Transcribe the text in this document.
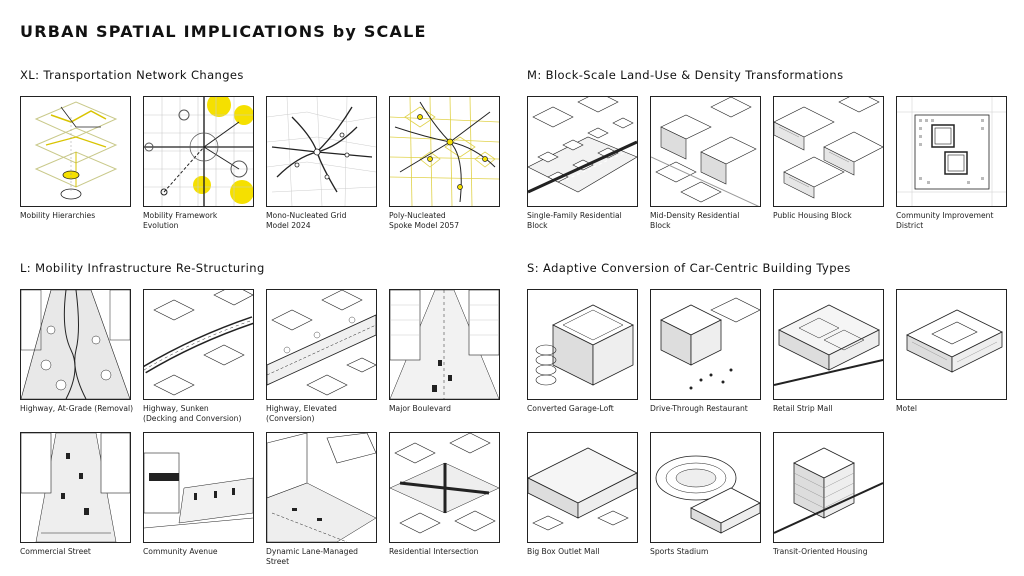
URBAN SPATIAL IMPLICATIONS by SCALE
XL: Transportation Network Changes
Mobility Hierarchies	Mobility Framework
Evolution
Mono-Nucleated Grid
Model 2024
Poly-Nucleated
Spoke Model 2057
M: Block-Scale Land-Use & Density Transformations
Single-Family Residential
Block
Mid-Density Residential
Block
Public Housing Block	Community Improvement
District
L: Mobility Infrastructure Re-Structuring
Highway, At-Grade (Removal)	Highway, Sunken
(Decking and Conversion)
Highway, Elevated
(Conversion)
Major Boulevard
Commercial Street	Community Avenue	Dynamic Lane-Managed
Street
Residential Intersection
S: Adaptive Conversion of Car-Centric Building Types
Converted Garage-Loft	Drive-Through Restaurant	Retail Strip Mall	Motel
Big Box Outlet Mall	Sports Stadium	Transit-Oriented Housing
